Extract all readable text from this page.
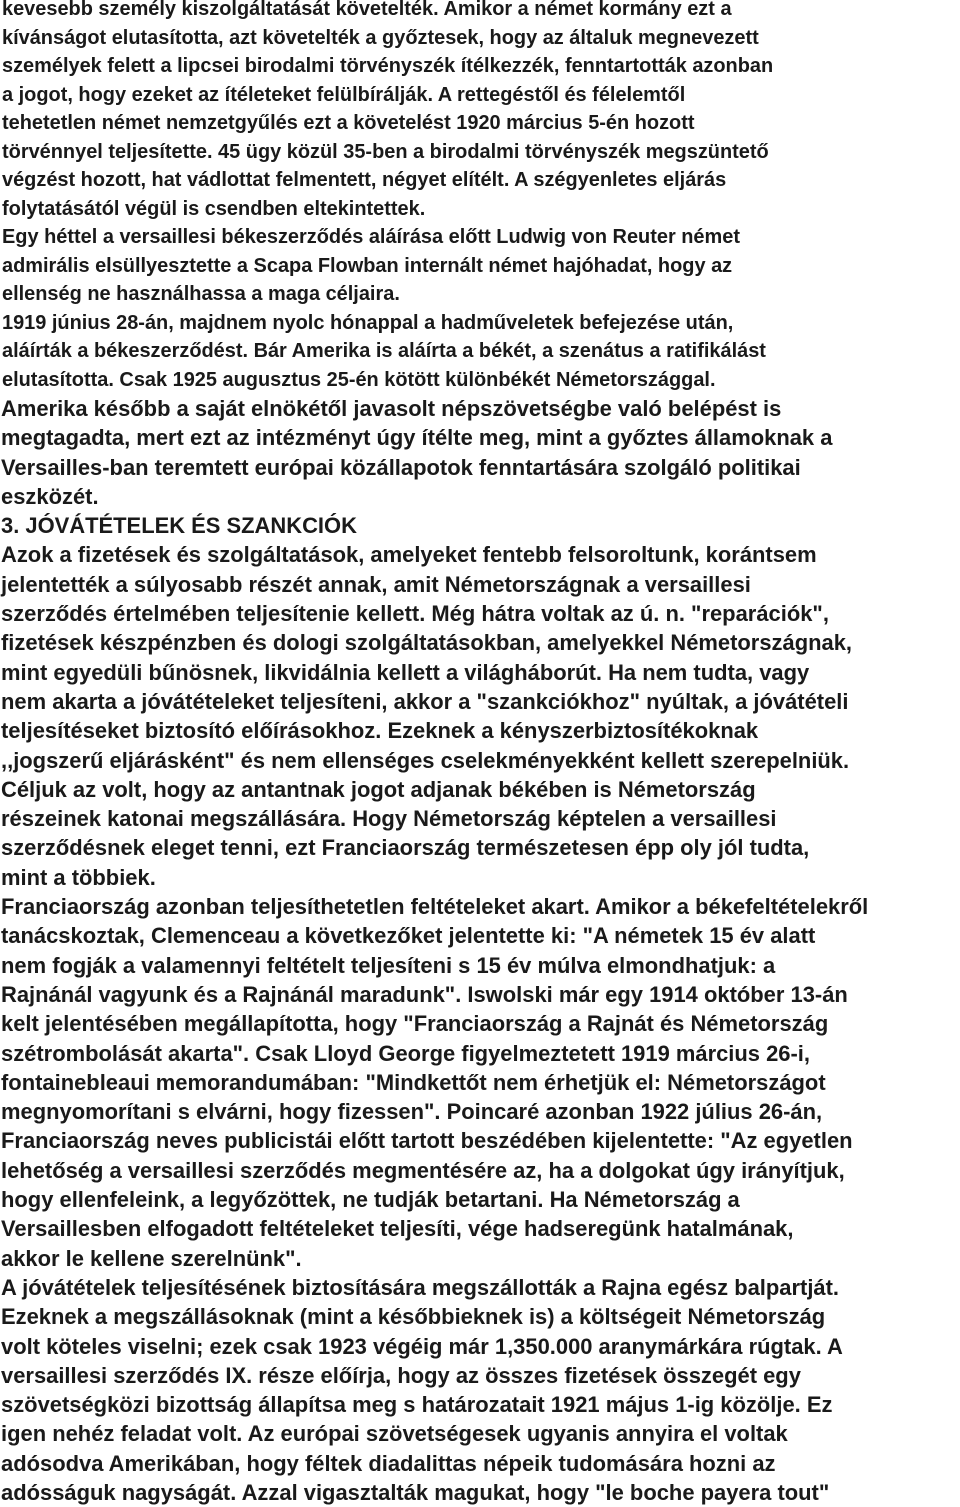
kevesebb személy kiszolgáltatását követelték. Amikor a német kormány ezt a
kívánságot elutasította, azt követelték a győztesek, hogy az általuk megnevezett
személyek felett a lipcsei birodalmi törvényszék ítélkezzék, fenntartották azonban
a jogot, hogy ezeket az ítéleteket felülbírálják. A rettegéstől és félelemtől
tehetetlen német nemzetgyűlés ezt a követelést 1920 március 5-én hozott
törvénnyel teljesítette. 45 ügy közül 35-ben a birodalmi törvényszék megszüntető
végzést hozott, hat vádlottat felmentett, négyet elítélt. A szégyenletes eljárás
folytatásától végül is csendben eltekintettek.
Egy héttel a versaillesi békeszerződés aláírása előtt Ludwig von Reuter német
admirális elsüllyesztette a Scapa Flowban internált német hajóhadat, hogy az
ellenség ne használhassa a maga céljaira.
1919 június 28-án, majdnem nyolc hónappal a hadműveletek befejezése után,
aláírták a békeszerződést. Bár Amerika is aláírta a békét, a szenátus a ratifikálást
elutasította. Csak 1925 augusztus 25-én kötött különbékét Németországgal.
Amerika később a saját elnökétől javasolt népszövetségbe való belépést is
megtagadta, mert ezt az intézményt úgy ítélte meg, mint a győztes államoknak a
Versailles-ban teremtett európai közállapotok fenntartására szolgáló politikai
eszközét.
3. JÓVÁTÉTELEK ÉS SZANKCIÓK
Azok a fizetések és szolgáltatások, amelyeket fentebb felsoroltunk, korántsem
jelentették a súlyosabb részét annak, amit Németországnak a versaillesi
szerződés értelmében teljesítenie kellett. Még hátra voltak az ú. n. "reparációk",
fizetések készpénzben és dologi szolgáltatásokban, amelyekkel Németországnak,
mint egyedüli bűnösnek, likvidálnia kellett a világháborút. Ha nem tudta, vagy
nem akarta a jóvátételeket teljesíteni, akkor a "szankciókhoz" nyúltak, a jóvátételi
teljesítéseket biztosító előírásokhoz. Ezeknek a kényszerbiztosítékoknak
,,jogszerű eljárásként" és nem ellenséges cselekményekként kellett szerepelniük.
Céljuk az volt, hogy az antantnak jogot adjanak békében is Németország
részeinek katonai megszállására. Hogy Németország képtelen a versaillesi
szerződésnek eleget tenni, ezt Franciaország természetesen épp oly jól tudta,
mint a többiek.
Franciaország azonban teljesíthetetlen feltételeket akart. Amikor a békefeltételekről
tanácskoztak, Clemenceau a következőket jelentette ki: "A németek 15 év alatt
nem fogják a valamennyi feltételt teljesíteni s 15 év múlva elmondhatjuk: a
Rajnánál vagyunk és a Rajnánál maradunk". Iswolski már egy 1914 október 13-án
kelt jelentésében megállapította, hogy "Franciaország a Rajnát és Németország
szétrombolását akarta". Csak Lloyd George figyelmeztetett 1919 március 26-i,
fontainebleaui memorandumában: "Mindkettőt nem érhetjük el: Németországot
megnyomorítani s elvárni, hogy fizessen". Poincaré azonban 1922 július 26-án,
Franciaország neves publicistái előtt tartott beszédében kijelentette: "Az egyetlen
lehetőség a versaillesi szerződés megmentésére az, ha a dolgokat úgy irányítjuk,
hogy ellenfeleink, a legyőzöttek, ne tudják betartani. Ha Németország a
Versaillesben elfogadott feltételeket teljesíti, vége hadseregünk hatalmának,
akkor le kellene szerelnünk".
A jóvátételek teljesítésének biztosítására megszállották a Rajna egész balpartját.
Ezeknek a megszállásoknak (mint a későbbieknek is) a költségeit Németország
volt köteles viselni; ezek csak 1923 végéig már 1,350.000 aranymárkára rúgtak. A
versaillesi szerződés IX. része előírja, hogy az összes fizetések összegét egy
szövetségközi bizottság állapítsa meg s határozatait 1921 május 1-ig közölje. Ez
igen nehéz feladat volt. Az európai szövetségesek ugyanis annyira el voltak
adósodva Amerikában, hogy féltek diadalittas népeik tudomására hozni az
adósságuk nagyságát. Azzal vigasztalták magukat, hogy "le boche payera tout"
